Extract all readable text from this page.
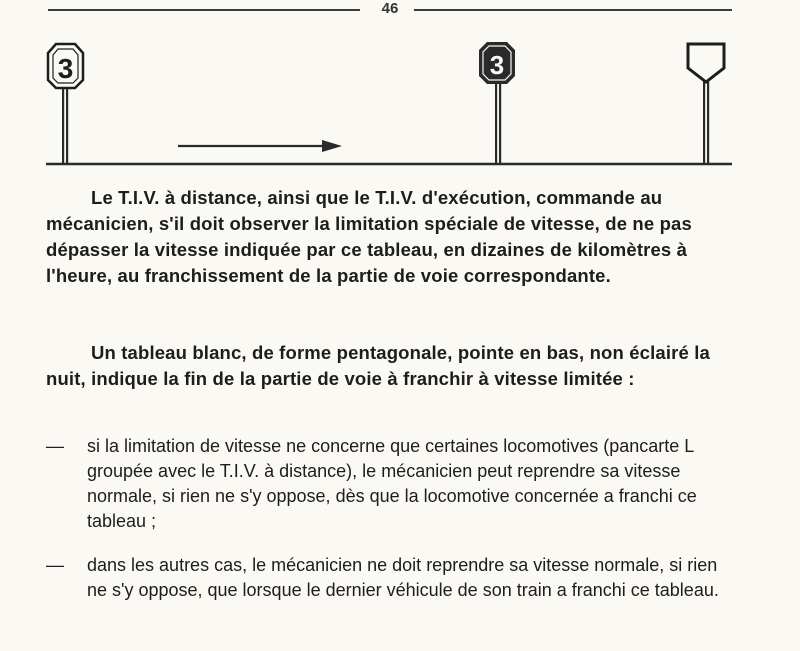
46
3	3

Le T.I.V. à distance, ainsi que le T.I.V. d'exécution, commande au mécanicien, s'il doit observer la limitation spéciale de vitesse, de ne pas dépasser la vitesse indiquée par ce tableau, en dizaines de kilomètres à l'heure, au franchissement de la partie de voie correspondante.

Un tableau blanc, de forme pentagonale, pointe en bas, non éclairé la nuit, indique la fin de la partie de voie à franchir à vitesse limitée :

—	si la limitation de vitesse ne concerne que certaines locomotives (pancarte L groupée avec le T.I.V. à distance), le mécanicien peut reprendre sa vitesse normale, si rien ne s'y oppose, dès que la locomotive concernée a franchi ce tableau ;

—	dans les autres cas, le mécanicien ne doit reprendre sa vitesse normale, si rien ne s'y oppose, que lorsque le dernier véhicule de son train a franchi ce tableau.
